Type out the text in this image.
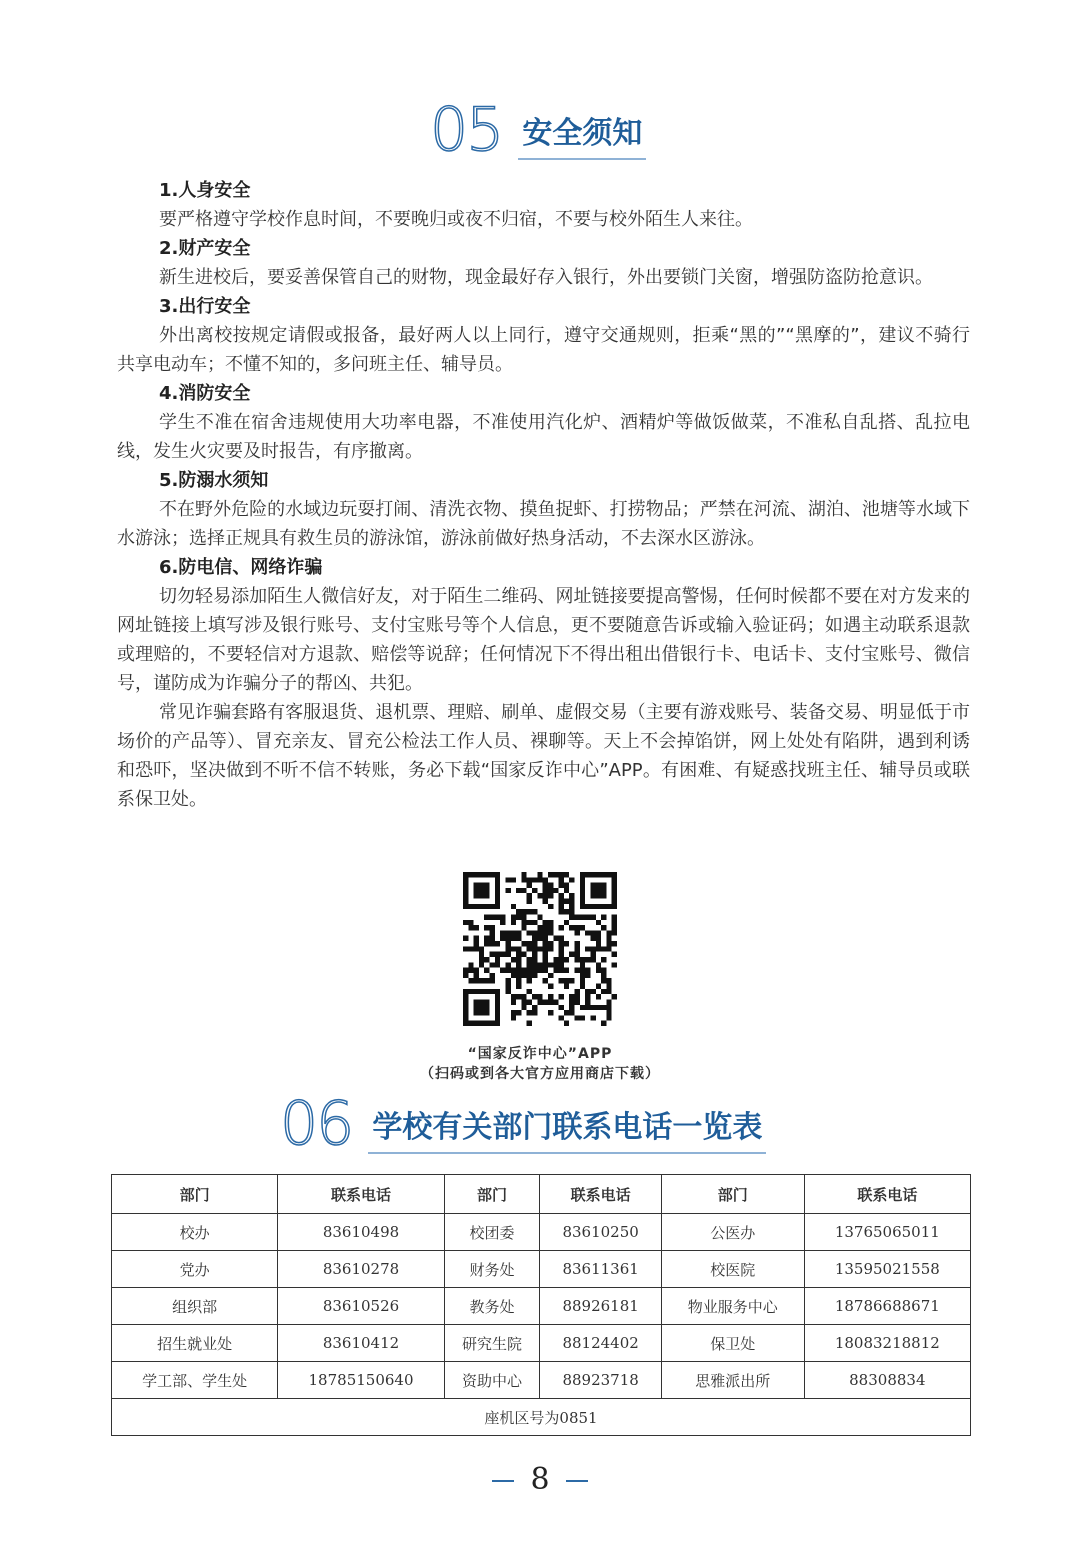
05 安全须知
1.人身安全

要严格遵守学校作息时间，不要晚归或夜不归宿，不要与校外陌生人来往。

2.财产安全

新生进校后，要妥善保管自己的财物，现金最好存入银行，外出要锁门关窗，增强防盗防抢意识。

3.出行安全

外出离校按规定请假或报备，最好两人以上同行，遵守交通规则，拒乘“黑的”“黑摩的”，建议不骑行共享电动车；不懂不知的，多问班主任、辅导员。

4.消防安全

学生不准在宿舍违规使用大功率电器，不准使用汽化炉、酒精炉等做饭做菜，不准私自乱搭、乱拉电线，发生火灾要及时报告，有序撤离。

5.防溺水须知

不在野外危险的水域边玩耍打闹、清洗衣物、摸鱼捉虾、打捞物品；严禁在河流、湖泊、池塘等水域下水游泳；选择正规具有救生员的游泳馆，游泳前做好热身活动，不去深水区游泳。

6.防电信、网络诈骗

切勿轻易添加陌生人微信好友，对于陌生二维码、网址链接要提高警惕，任何时候都不要在对方发来的网址链接上填写涉及银行账号、支付宝账号等个人信息，更不要随意告诉或输入验证码；如遇主动联系退款或理赔的，不要轻信对方退款、赔偿等说辞；任何情况下不得出租出借银行卡、电话卡、支付宝账号、微信号，谨防成为诈骗分子的帮凶、共犯。

常见诈骗套路有客服退货、退机票、理赔、刷单、虚假交易（主要有游戏账号、装备交易、明显低于市场价的产品等）、冒充亲友、冒充公检法工作人员、裸聊等。天上不会掉馅饼，网上处处有陷阱，遇到利诱和恐吓，坚决做到不听不信不转账，务必下载“国家反诈中心”APP。有困难、有疑惑找班主任、辅导员或联系保卫处。

“国家反诈中心”APP
（扫码或到各大官方应用商店下载）
06 学校有关部门联系电话一览表
部门	联系电话	部门	联系电话	部门	联系电话
校办	83610498	校团委	83610250	公医办	13765065011
党办	83610278	财务处	83611361	校医院	13595021558
组织部	83610526	教务处	88926181	物业服务中心	18786688671
招生就业处	83610412	研究生院	88124402	保卫处	18083218812
学工部、学生处	18785150640	资助中心	88923718	思雅派出所	88308834
座机区号为0851					
8
